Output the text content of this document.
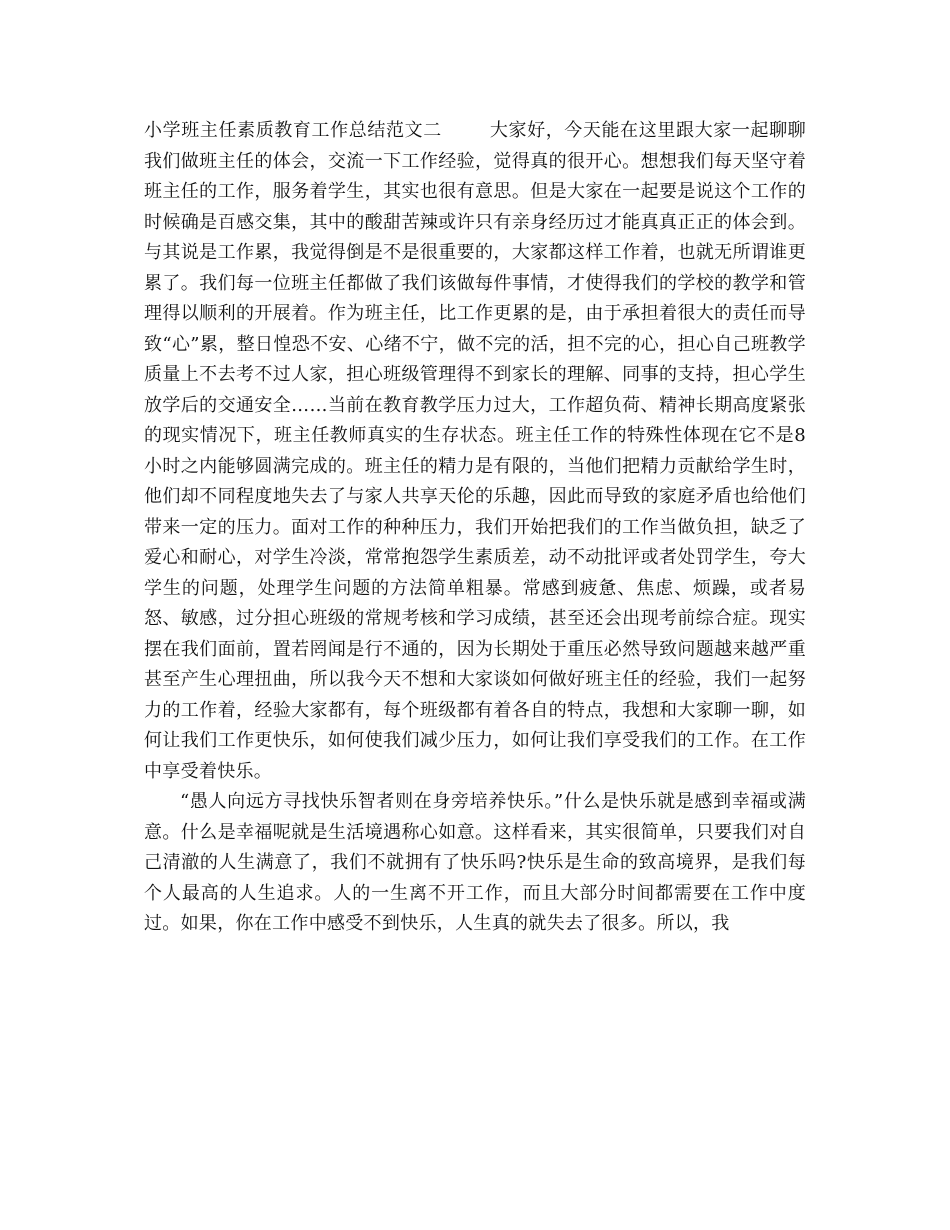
小学班主任素质教育工作总结范文二	大家好，今天能在这里跟大家一起聊聊我们做班主任的体会，交流一下工作经验，觉得真的很开心。想想我们每天坚守着班主任的工作，服务着学生，其实也很有意思。但是大家在一起要是说这个工作的时候确是百感交集，其中的酸甜苦辣或许只有亲身经历过才能真真正正的体会到。与其说是工作累，我觉得倒是不是很重要的，大家都这样工作着，也就无所谓谁更累了。我们每一位班主任都做了我们该做每件事情，才使得我们的学校的教学和管理得以顺利的开展着。作为班主任，比工作更累的是，由于承担着很大的责任而导致“心”累，整日惶恐不安、心绪不宁，做不完的活，担不完的心，担心自己班教学质量上不去考不过人家，担心班级管理得不到家长的理解、同事的支持，担心学生放学后的交通安全……当前在教育教学压力过大，工作超负荷、精神长期高度紧张的现实情况下，班主任教师真实的生存状态。班主任工作的特殊性体现在它不是8小时之内能够圆满完成的。班主任的精力是有限的，当他们把精力贡献给学生时，他们却不同程度地失去了与家人共享天伦的乐趣，因此而导致的家庭矛盾也给他们带来一定的压力。面对工作的种种压力，我们开始把我们的工作当做负担，缺乏了爱心和耐心，对学生冷淡，常常抱怨学生素质差，动不动批评或者处罚学生，夸大学生的问题，处理学生问题的方法简单粗暴。常感到疲惫、焦虑、烦躁，或者易怒、敏感，过分担心班级的常规考核和学习成绩，甚至还会出现考前综合症。现实摆在我们面前，置若罔闻是行不通的，因为长期处于重压必然导致问题越来越严重甚至产生心理扭曲，所以我今天不想和大家谈如何做好班主任的经验，我们一起努力的工作着，经验大家都有，每个班级都有着各自的特点，我想和大家聊一聊，如何让我们工作更快乐，如何使我们减少压力，如何让我们享受我们的工作。在工作中享受着快乐。

“愚人向远方寻找快乐智者则在身旁培养快乐。”什么是快乐就是感到幸福或满意。什么是幸福呢就是生活境遇称心如意。这样看来，其实很简单，只要我们对自己清澈的人生满意了，我们不就拥有了快乐吗?快乐是生命的致高境界，是我们每个人最高的人生追求。人的一生离不开工作，而且大部分时间都需要在工作中度过。如果，你在工作中感受不到快乐，人生真的就失去了很多。所以，我
